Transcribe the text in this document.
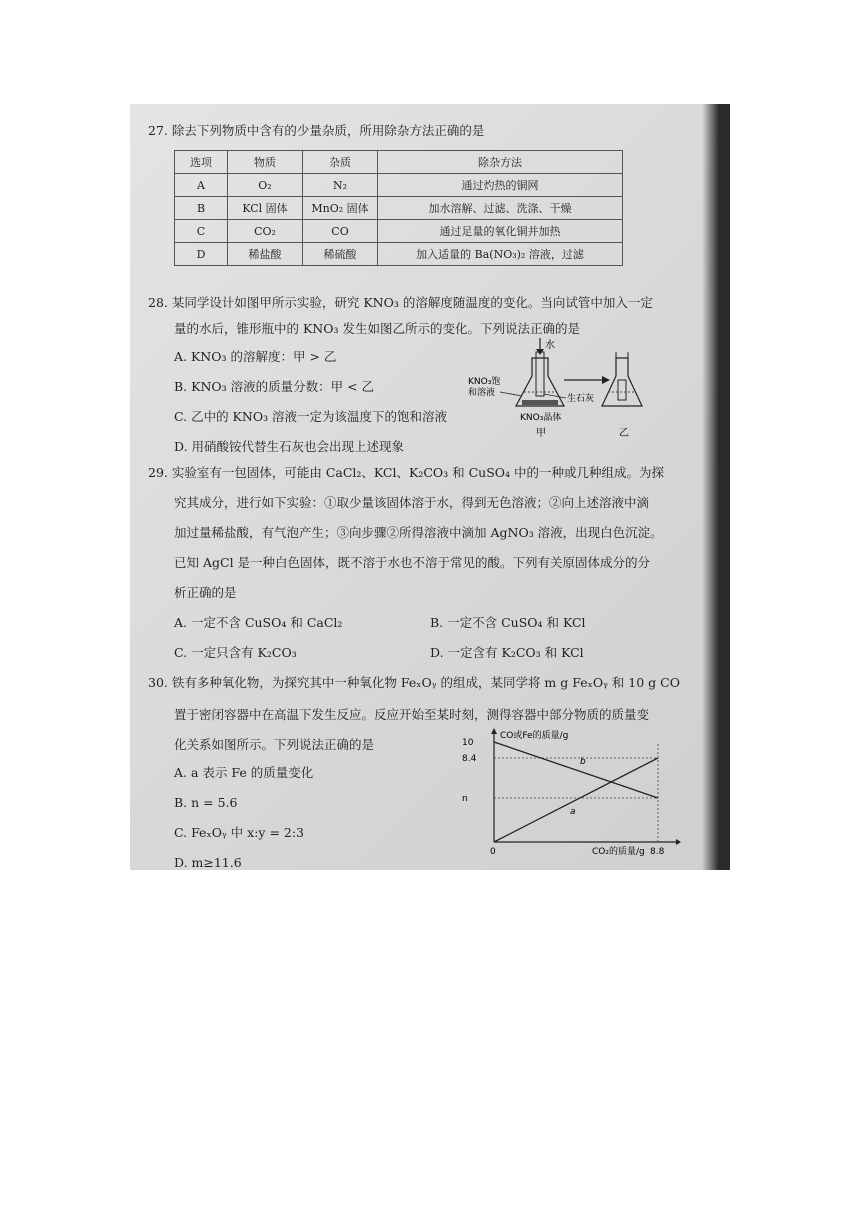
27. 除去下列物质中含有的少量杂质，所用除杂方法正确的是
选项	物质	杂质	除杂方法
A	O₂	N₂	通过灼热的铜网
B	KCl 固体	MnO₂ 固体	加水溶解、过滤、洗涤、干燥
C	CO₂	CO	通过足量的氧化铜并加热
D	稀盐酸	稀硫酸	加入适量的 Ba(NO₃)₂ 溶液，过滤
28. 某同学设计如图甲所示实验，研究 KNO₃ 的溶解度随温度的变化。当向试管中加入一定
量的水后，锥形瓶中的 KNO₃ 发生如图乙所示的变化。下列说法正确的是
A. KNO₃ 的溶解度：甲 > 乙
B. KNO₃ 溶液的质量分数：甲 < 乙
C. 乙中的 KNO₃ 溶液一定为该温度下的饱和溶液
D. 用硝酸铵代替生石灰也会出现上述现象
水
KNO₃饱
和溶液
生石灰
KNO₃晶体
甲	乙
29. 实验室有一包固体，可能由 CaCl₂、KCl、K₂CO₃ 和 CuSO₄ 中的一种或几种组成。为探
究其成分，进行如下实验：①取少量该固体溶于水，得到无色溶液；②向上述溶液中滴
加过量稀盐酸，有气泡产生；③向步骤②所得溶液中滴加 AgNO₃ 溶液，出现白色沉淀。
已知 AgCl 是一种白色固体，既不溶于水也不溶于常见的酸。下列有关原固体成分的分
析正确的是
A. 一定不含 CuSO₄ 和 CaCl₂	B. 一定不含 CuSO₄ 和 KCl
C. 一定只含有 K₂CO₃	D. 一定含有 K₂CO₃ 和 KCl
30. 铁有多种氧化物，为探究其中一种氧化物 FeₓOᵧ 的组成，某同学将 m g FeₓOᵧ 和 10 g CO
置于密闭容器中在高温下发生反应。反应开始至某时刻，测得容器中部分物质的质量变
化关系如图所示。下列说法正确的是
A. a 表示 Fe 的质量变化
B. n = 5.6
C. FeₓOᵧ 中 x:y = 2:3
D. m≥11.6
CO或Fe的质量/g
CO₂的质量/g
10
8.4
n
0	8.8
a
b
